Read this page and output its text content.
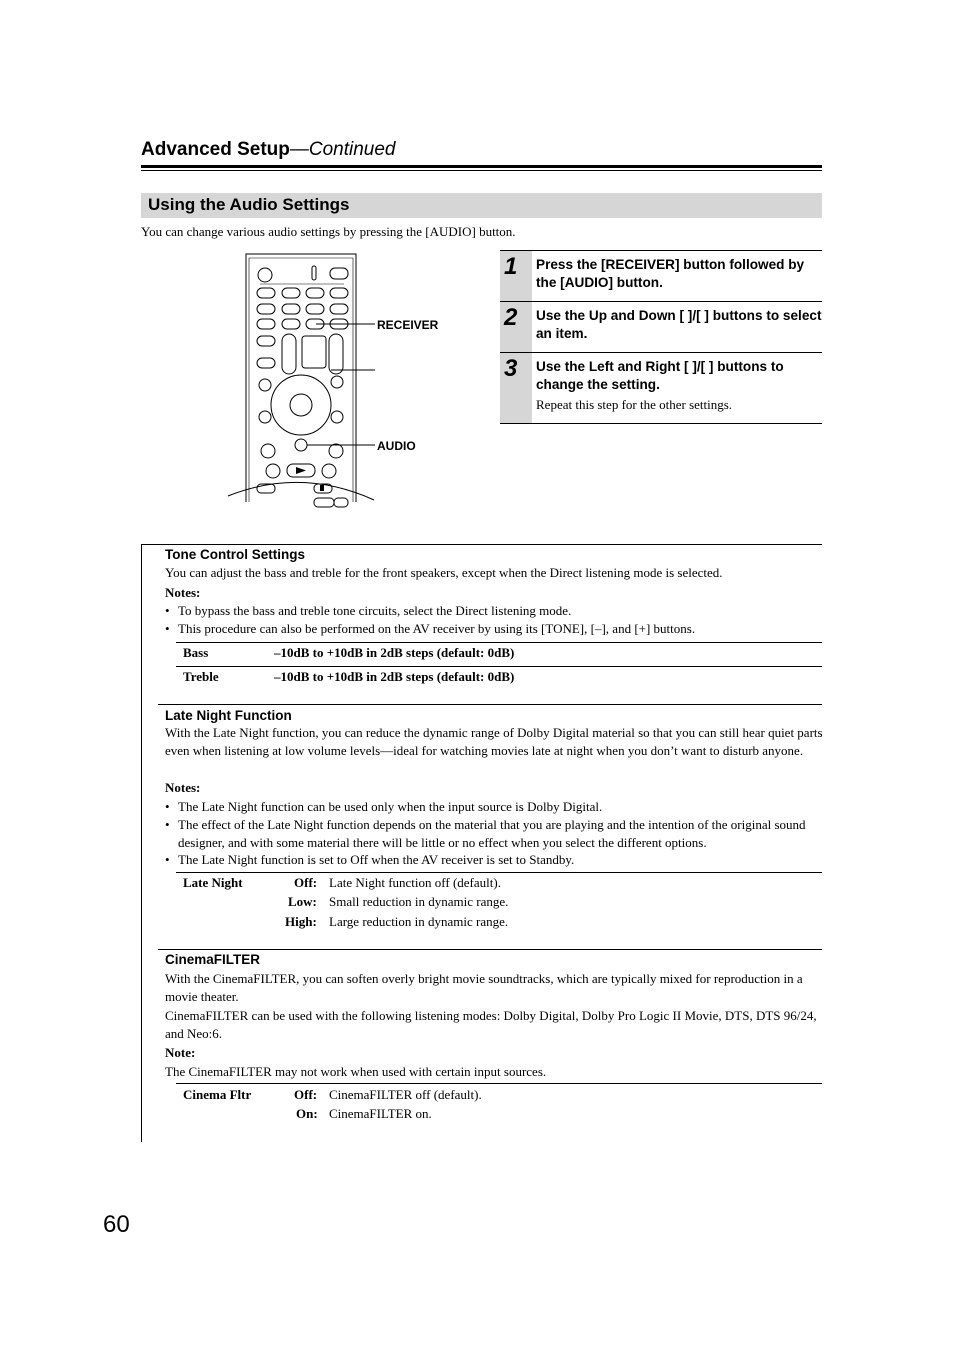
Advanced Setup—Continued
Using the Audio Settings
You can change various audio settings by pressing the [AUDIO] button.
RECEIVER
AUDIO
1 Press the [RECEIVER] button followed by the [AUDIO] button.
2 Use the Up and Down [ ]/[ ] buttons to select an item.
3 Use the Left and Right [ ]/[ ] buttons to change the setting.
Repeat this step for the other settings.
Tone Control Settings
You can adjust the bass and treble for the front speakers, except when the Direct listening mode is selected.
Notes:
• To bypass the bass and treble tone circuits, select the Direct listening mode.
• This procedure can also be performed on the AV receiver by using its [TONE], [–], and [+] buttons.
Bass	–10dB to +10dB in 2dB steps (default: 0dB)
Treble	–10dB to +10dB in 2dB steps (default: 0dB)
Late Night Function
With the Late Night function, you can reduce the dynamic range of Dolby Digital material so that you can still hear quiet parts even when listening at low volume levels—ideal for watching movies late at night when you don’t want to disturb anyone.
Notes:
• The Late Night function can be used only when the input source is Dolby Digital.
• The effect of the Late Night function depends on the material that you are playing and the intention of the original sound designer, and with some material there will be little or no effect when you select the different options.
• The Late Night function is set to Off when the AV receiver is set to Standby.
Late Night	Off: Late Night function off (default).
Low: Small reduction in dynamic range.
High: Large reduction in dynamic range.
CinemaFILTER
With the CinemaFILTER, you can soften overly bright movie soundtracks, which are typically mixed for reproduction in a movie theater.
CinemaFILTER can be used with the following listening modes: Dolby Digital, Dolby Pro Logic II Movie, DTS, DTS 96/24, and Neo:6.
Note:
The CinemaFILTER may not work when used with certain input sources.
Cinema Fltr	Off: CinemaFILTER off (default).
On: CinemaFILTER on.
60
